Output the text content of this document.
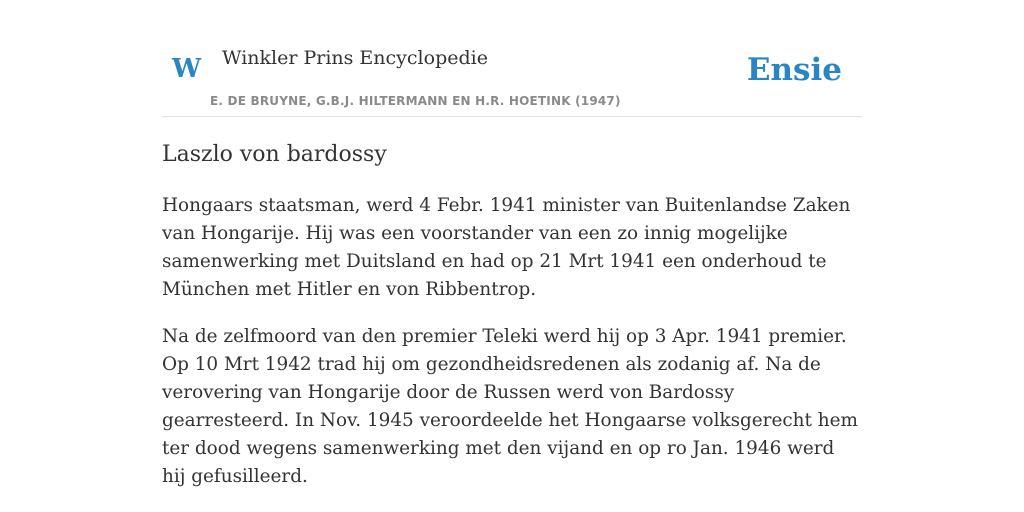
W Winkler Prins Encyclopedie
E. DE BRUYNE, G.B.J. HILTERMANN EN H.R. HOETINK (1947)
Ensie
Laszlo von bardossy

Hongaars staatsman, werd 4 Febr. 1941 minister van Buitenlandse Zaken van Hongarije. Hij was een voorstander van een zo innig mogelijke samenwerking met Duitsland en had op 21 Mrt 1941 een onderhoud te München met Hitler en von Ribbentrop.

Na de zelfmoord van den premier Teleki werd hij op 3 Apr. 1941 premier. Op 10 Mrt 1942 trad hij om gezondheidsredenen als zodanig af. Na de verovering van Hongarije door de Russen werd von Bardossy gearresteerd. In Nov. 1945 veroordeelde het Hongaarse volksgerecht hem ter dood wegens samenwerking met den vijand en op ro Jan. 1946 werd hij gefusilleerd.
